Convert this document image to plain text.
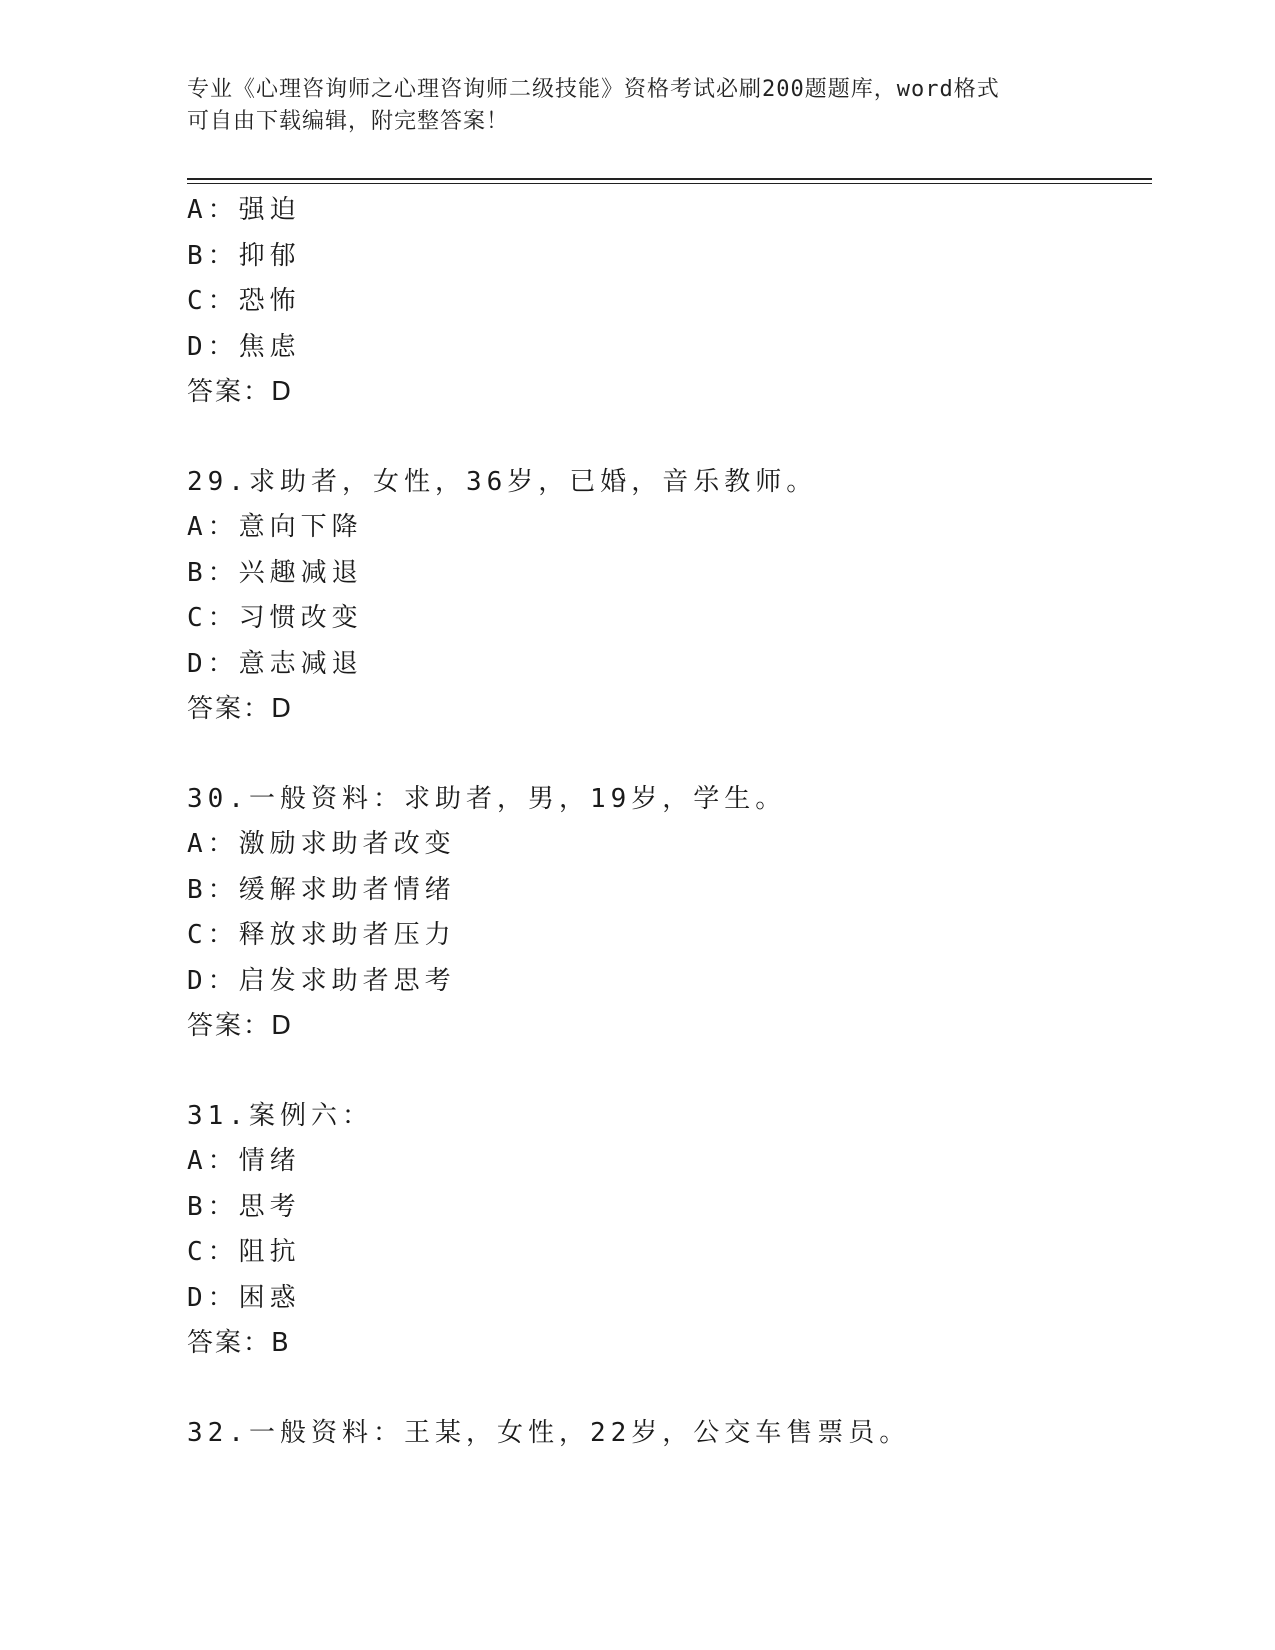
专业《心理咨询师之心理咨询师二级技能》资格考试必刷200题题库，word格式
可自由下载编辑，附完整答案！
A：强迫
B：抑郁
C：恐怖
D：焦虑
答案：D
29.求助者，女性，36岁，已婚，音乐教师。
A：意向下降
B：兴趣减退
C：习惯改变
D：意志减退
答案：D
30.一般资料：求助者，男，19岁，学生。
A：激励求助者改变
B：缓解求助者情绪
C：释放求助者压力
D：启发求助者思考
答案：D
31.案例六：
A：情绪
B：思考
C：阻抗
D：困惑
答案：B
32.一般资料：王某，女性，22岁，公交车售票员。
